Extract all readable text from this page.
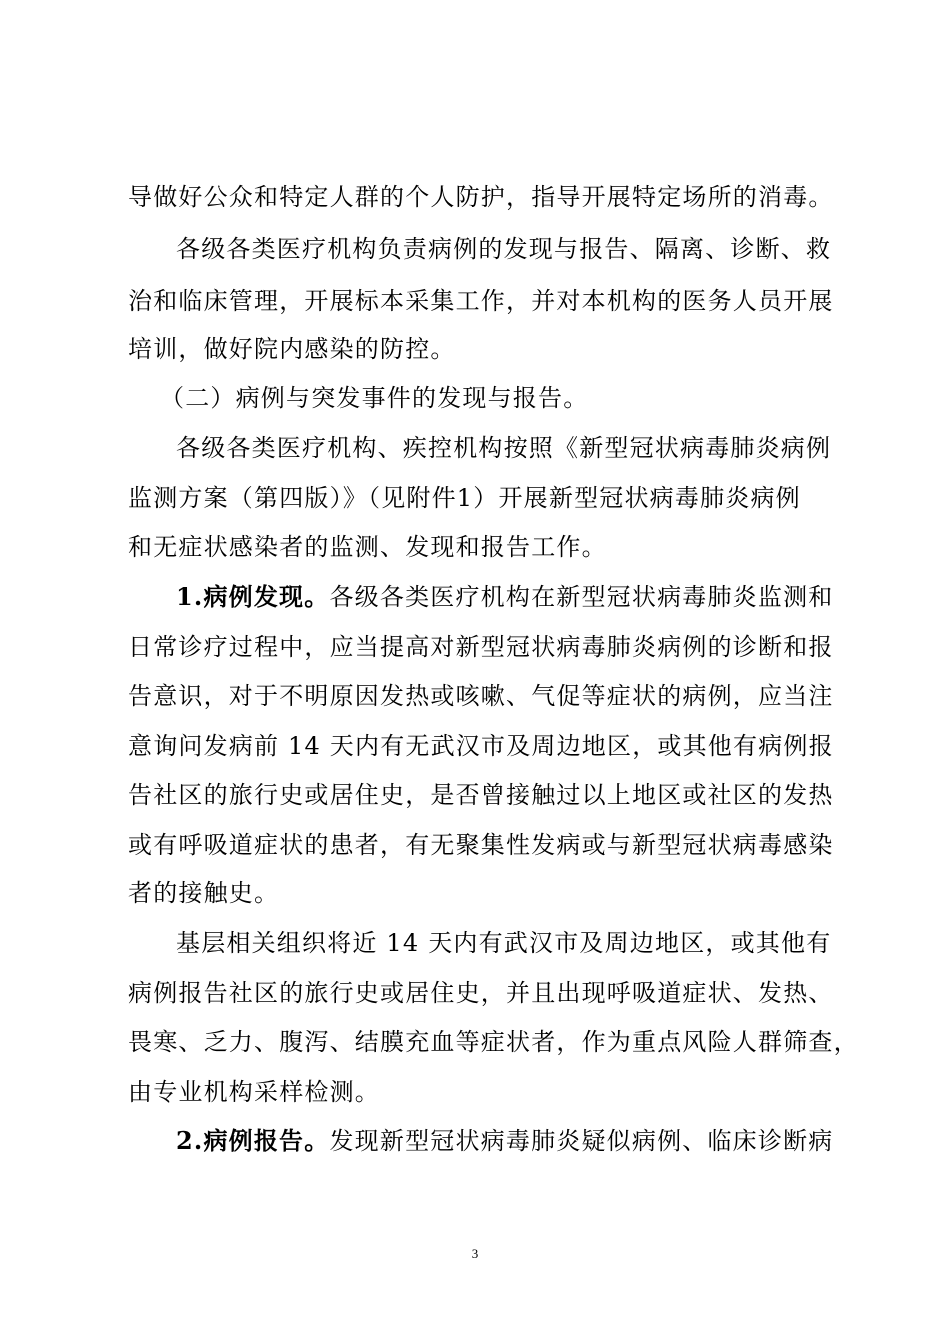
导做好公众和特定人群的个人防护，指导开展特定场所的消毒。
各级各类医疗机构负责病例的发现与报告、隔离、诊断、救
治和临床管理，开展标本采集工作，并对本机构的医务人员开展
培训，做好院内感染的防控。
（二）病例与突发事件的发现与报告。
各级各类医疗机构、疾控机构按照《新型冠状病毒肺炎病例
监测方案（第四版）》（见附件1）开展新型冠状病毒肺炎病例
和无症状感染者的监测、发现和报告工作。
1.病例发现。各级各类医疗机构在新型冠状病毒肺炎监测和
日常诊疗过程中，应当提高对新型冠状病毒肺炎病例的诊断和报
告意识，对于不明原因发热或咳嗽、气促等症状的病例，应当注
意询问发病前 14 天内有无武汉市及周边地区，或其他有病例报
告社区的旅行史或居住史，是否曾接触过以上地区或社区的发热
或有呼吸道症状的患者，有无聚集性发病或与新型冠状病毒感染
者的接触史。
基层相关组织将近 14 天内有武汉市及周边地区，或其他有
病例报告社区的旅行史或居住史，并且出现呼吸道症状、发热、
畏寒、乏力、腹泻、结膜充血等症状者，作为重点风险人群筛查，
由专业机构采样检测。
2.病例报告。发现新型冠状病毒肺炎疑似病例、临床诊断病
3
